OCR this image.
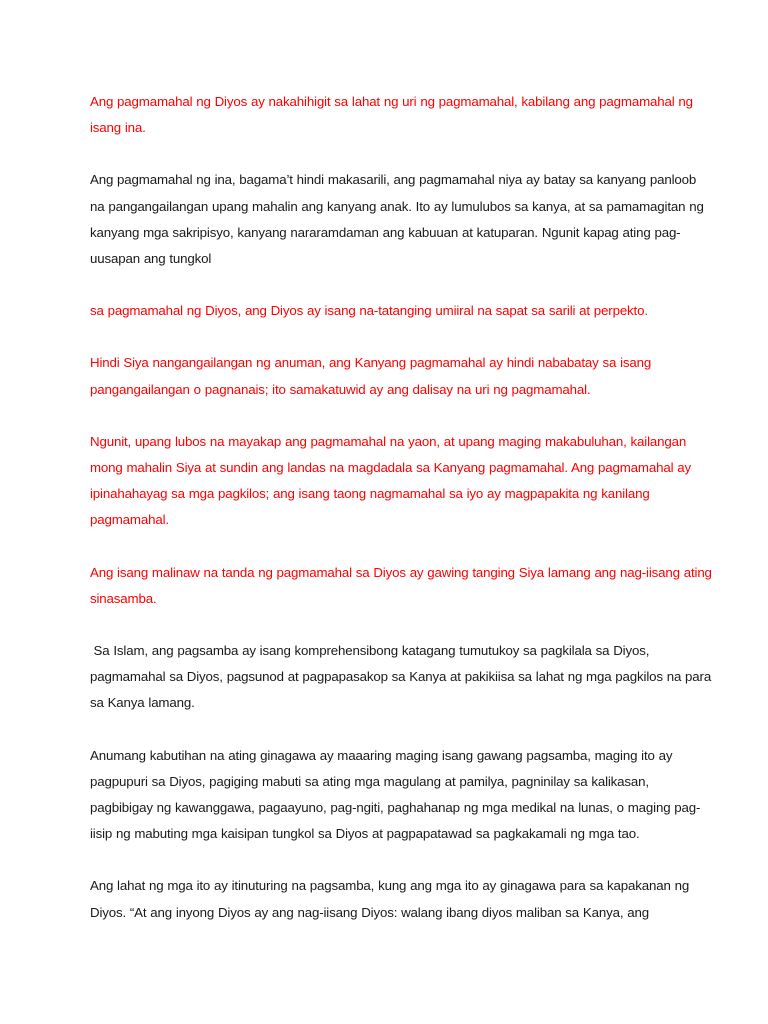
Ang pagmamahal ng Diyos ay nakahihigit sa lahat ng uri ng pagmamahal, kabilang ang pagmamahal ng
isang ina.

Ang pagmamahal ng ina, bagama’t hindi makasarili, ang pagmamahal niya ay batay sa kanyang panloob
na pangangailangan upang mahalin ang kanyang anak. Ito ay lumulubos sa kanya, at sa pamamagitan ng
kanyang mga sakripisyo, kanyang nararamdaman ang kabuuan at katuparan. Ngunit kapag ating pag-
uusapan ang tungkol

sa pagmamahal ng Diyos, ang Diyos ay isang na-tatanging umiiral na sapat sa sarili at perpekto.

Hindi Siya nangangailangan ng anuman, ang Kanyang pagmamahal ay hindi nababatay sa isang
pangangailangan o pagnanais; ito samakatuwid ay ang dalisay na uri ng pagmamahal.

Ngunit, upang lubos na mayakap ang pagmamahal na yaon, at upang maging makabuluhan, kailangan
mong mahalin Siya at sundin ang landas na magdadala sa Kanyang pagmamahal. Ang pagmamahal ay
ipinahahayag sa mga pagkilos; ang isang taong nagmamahal sa iyo ay magpapakita ng kanilang
pagmamahal.

Ang isang malinaw na tanda ng pagmamahal sa Diyos ay gawing tanging Siya lamang ang nag-iisang ating
sinasamba.

Sa Islam, ang pagsamba ay isang komprehensibong katagang tumutukoy sa pagkilala sa Diyos,
pagmamahal sa Diyos, pagsunod at pagpapasakop sa Kanya at pakikiisa sa lahat ng mga pagkilos na para
sa Kanya lamang.

Anumang kabutihan na ating ginagawa ay maaaring maging isang gawang pagsamba, maging ito ay
pagpupuri sa Diyos, pagiging mabuti sa ating mga magulang at pamilya, pagninilay sa kalikasan,
pagbibigay ng kawanggawa, pagaayuno, pag-ngiti, paghahanap ng mga medikal na lunas, o maging pag-
iisip ng mabuting mga kaisipan tungkol sa Diyos at pagpapatawad sa pagkakamali ng mga tao.

Ang lahat ng mga ito ay itinuturing na pagsamba, kung ang mga ito ay ginagawa para sa kapakanan ng
Diyos. “At ang inyong Diyos ay ang nag-iisang Diyos: walang ibang diyos maliban sa Kanya, ang
